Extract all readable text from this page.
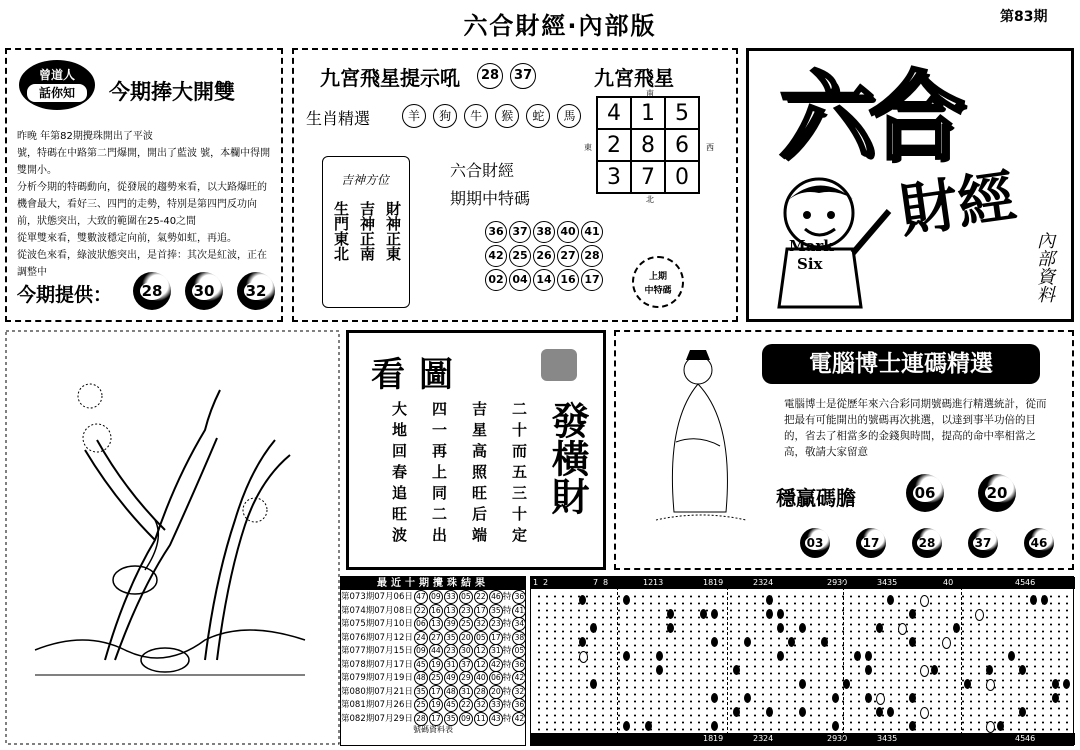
六合財經·內部版	第83期
曾道人
話你知	今期捧大開雙
昨晚 年第82期攪珠開出了平波
號，特碼在中路第二門爆開，開出了藍波 號，本欄中得開雙開小。
分析今期的特碼動向，從發展的趨勢來看，以大路爆旺的機會最大，看好三、四門的走勢，特別是第四門反功向前，狀態突出，大致的範圍在25-40之間
從單雙來看，雙數波穩定向前，氣勢如虹，再追。
從波色來看，綠波狀態突出，是首捧：其次是紅波，正在調整中
今期提供：	28	30	32
九宮飛星提示吼	28 37
生肖精選	羊 狗 牛 猴 蛇 馬
九宮飛星
南
東	西
北
4	1	5
2	8	6
3	7	0
吉神方位
財神正東
吉神正南
生門東北
六合財經
期期中特碼
36 37 38 40 41
42 25 26 27 28
02 04 14 16 17	上期
中特碼
六合
財經
Mark
Six	內部資料
看圖
發橫財
二十而五三十定
吉星高照旺后端
四一再上同二出
大地回春追旺波
電腦博士連碼精選
電腦博士是從歷年來六合彩同期號碼進行精選統計，從而把最有可能開出的號碼再次挑選，以達到事半功倍的目的，省去了相當多的金錢與時間，提高的命中率相當之高，敬請大家留意
穩贏碼膽	06	20
03	17	28	37	46
最近十期攪珠結果
第073期07月06日 47 09 33 05 22 46 特 36
第074期07月08日 22 16 13 23 17 35 特 41
第075期07月10日 06 13 39 25 32 23 特 34
第076期07月12日 24 27 35 20 05 17 特 38
第077期07月15日 09 44 23 30 12 31 特 05
第078期07月17日 45 19 31 37 12 42 特 36
第079期07月19日 48 25 49 29 40 06 特 42
第080期07月21日 35 17 48 31 28 20 特 32
第081期07月26日 25 19 45 22 32 33 特 36
第082期07月29日 28 17 35 09 11 43 特 42
號碼資料表
1 2	7 8	12 13	18 19	23 24	29 30	34 35	40	45 46
18 19	23 24	29 30	34 35	45 46
